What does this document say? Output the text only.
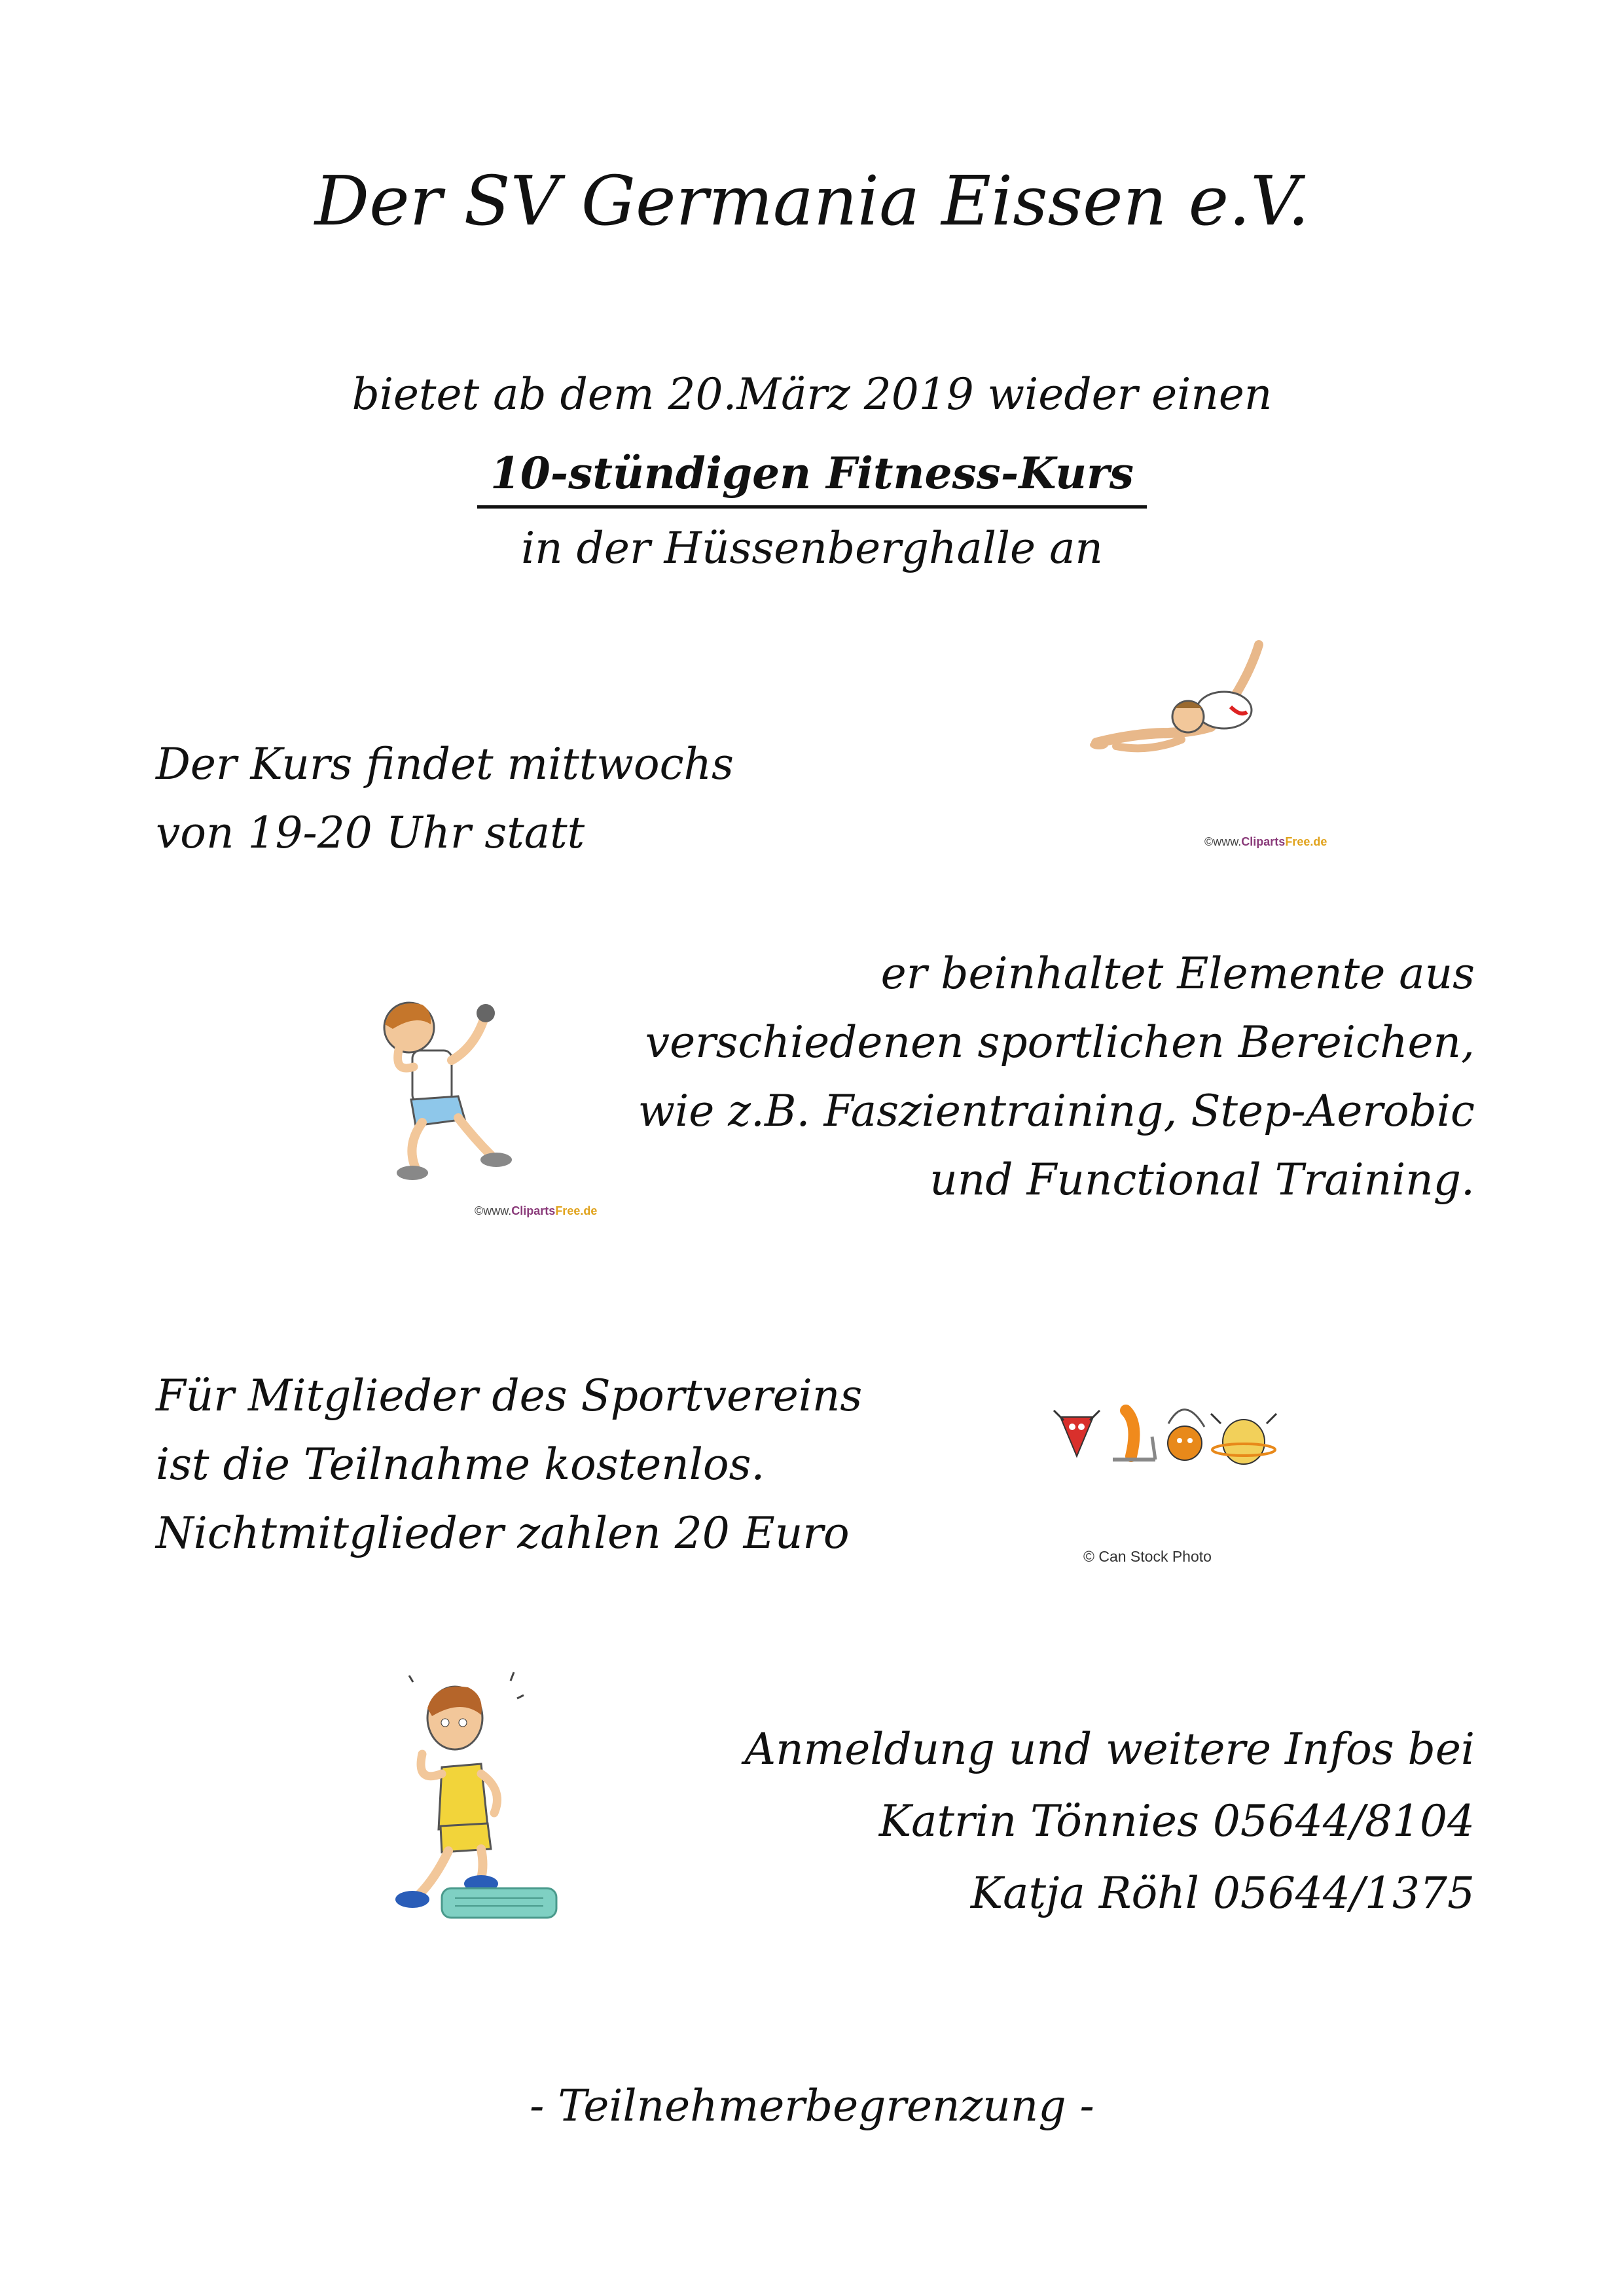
Der SV Germania Eissen e.V.
bietet ab dem 20.März 2019 wieder einen
10-stündigen Fitness-Kurs
in der Hüssenberghalle an
Der Kurs findet mittwochs
von 19-20 Uhr statt	©www.ClipartsFree.de
er beinhaltet Elemente aus
verschiedenen sportlichen Bereichen,
wie z.B. Faszientraining, Step-Aerobic
und Functional Training.
©www.ClipartsFree.de
Für Mitglieder des Sportvereins
ist die Teilnahme kostenlos.
Nichtmitglieder zahlen 20 Euro	© Can Stock Photo
Anmeldung und weitere Infos bei
Katrin Tönnies 05644/8104
Katja Röhl 05644/1375
- Teilnehmerbegrenzung -
